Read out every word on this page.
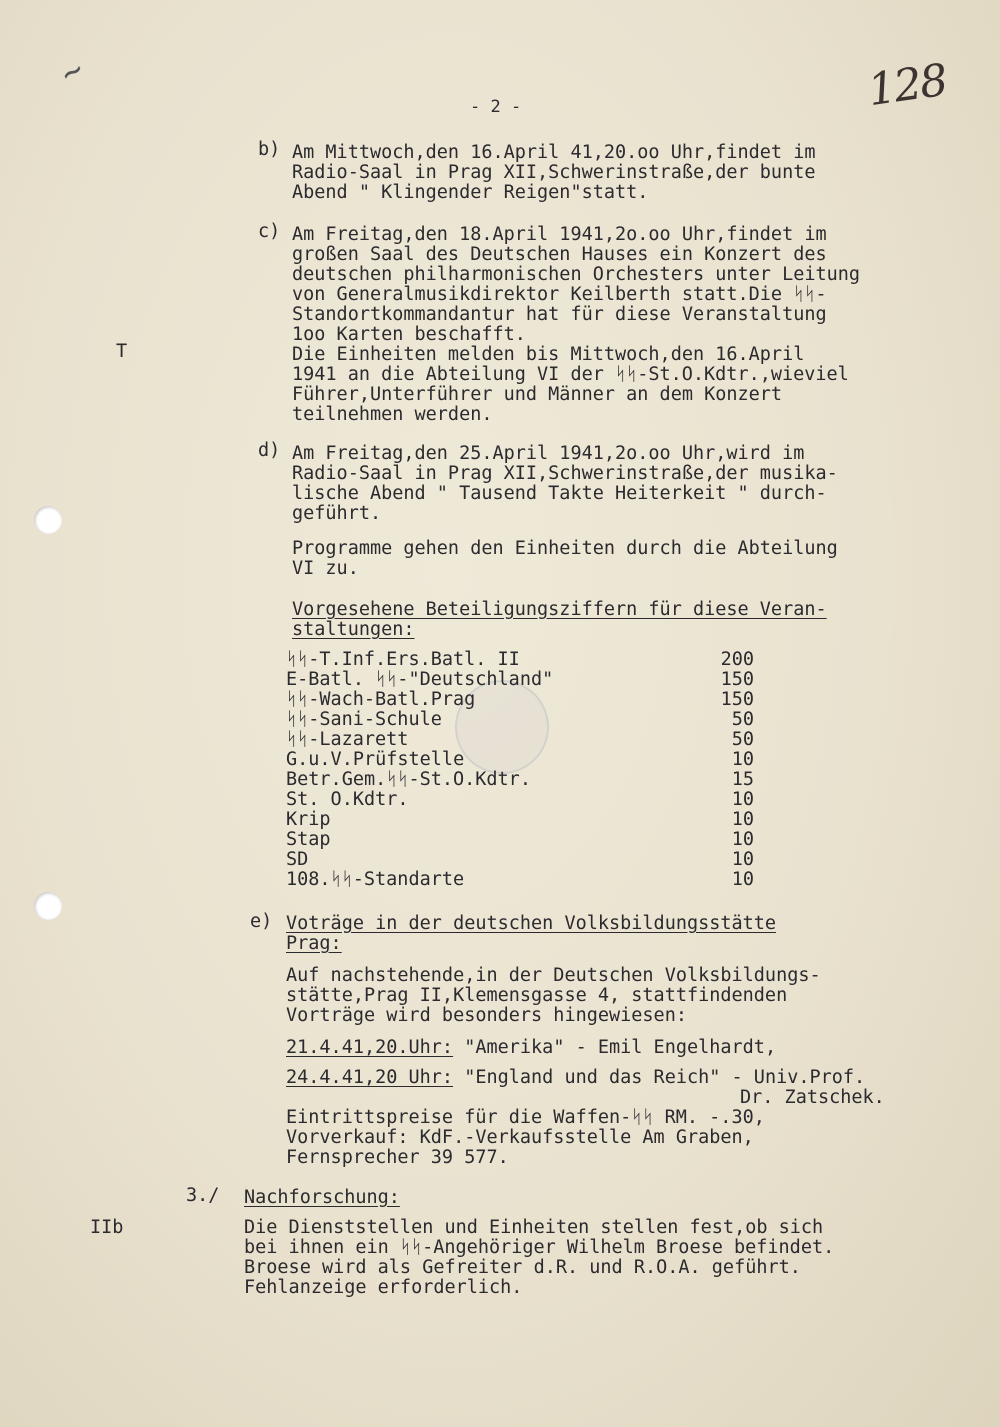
~
- 2 -	128
T
IIb
b) Am Mittwoch,den 16.April 41,20.oo Uhr,findet im
Radio-Saal in Prag XII,Schwerinstraße,der bunte
Abend " Klingender Reigen"statt.
c) Am Freitag,den 18.April 1941,2o.oo Uhr,findet im
großen Saal des Deutschen Hauses ein Konzert des
deutschen philharmonischen Orchesters unter Leitung
von Generalmusikdirektor Keilberth statt.Die ᛋᛋ-
Standortkommandantur hat für diese Veranstaltung
1oo Karten beschafft.
Die Einheiten melden bis Mittwoch,den 16.April
1941 an die Abteilung VI der ᛋᛋ-St.O.Kdtr.,wieviel
Führer,Unterführer und Männer an dem Konzert
teilnehmen werden.
d) Am Freitag,den 25.April 1941,2o.oo Uhr,wird im
Radio-Saal in Prag XII,Schwerinstraße,der musika-
lische Abend " Tausend Takte Heiterkeit " durch-
geführt.
Programme gehen den Einheiten durch die Abteilung
VI zu.
Vorgesehene Beteiligungsziffern für diese Veran-
staltungen:
ᛋᛋ-T.Inf.Ers.Batl. II	200
E-Batl. ᛋᛋ-"Deutschland"	150
ᛋᛋ-Wach-Batl.Prag	150
ᛋᛋ-Sani-Schule	50
ᛋᛋ-Lazarett	50
G.u.V.Prüfstelle	10
Betr.Gem.ᛋᛋ-St.O.Kdtr.	15
St. O.Kdtr.	10
Krip	10
Stap	10
SD	10
108.ᛋᛋ-Standarte	10
e) Voträge in der deutschen Volksbildungsstätte
Prag:
Auf nachstehende,in der Deutschen Volksbildungs-
stätte,Prag II,Klemensgasse 4, stattfindenden
Vorträge wird besonders hingewiesen:
21.4.41,20.Uhr: "Amerika" - Emil Engelhardt,
24.4.41,20 Uhr: "England und das Reich" - Univ.Prof.
Dr. Zatschek.
Eintrittspreise für die Waffen-ᛋᛋ RM. -.30,
Vorverkauf: KdF.-Verkaufsstelle Am Graben,
Fernsprecher 39 577.
3./ Nachforschung:
Die Dienststellen und Einheiten stellen fest,ob sich
bei ihnen ein ᛋᛋ-Angehöriger Wilhelm Broese befindet.
Broese wird als Gefreiter d.R. und R.O.A. geführt.
Fehlanzeige erforderlich.
